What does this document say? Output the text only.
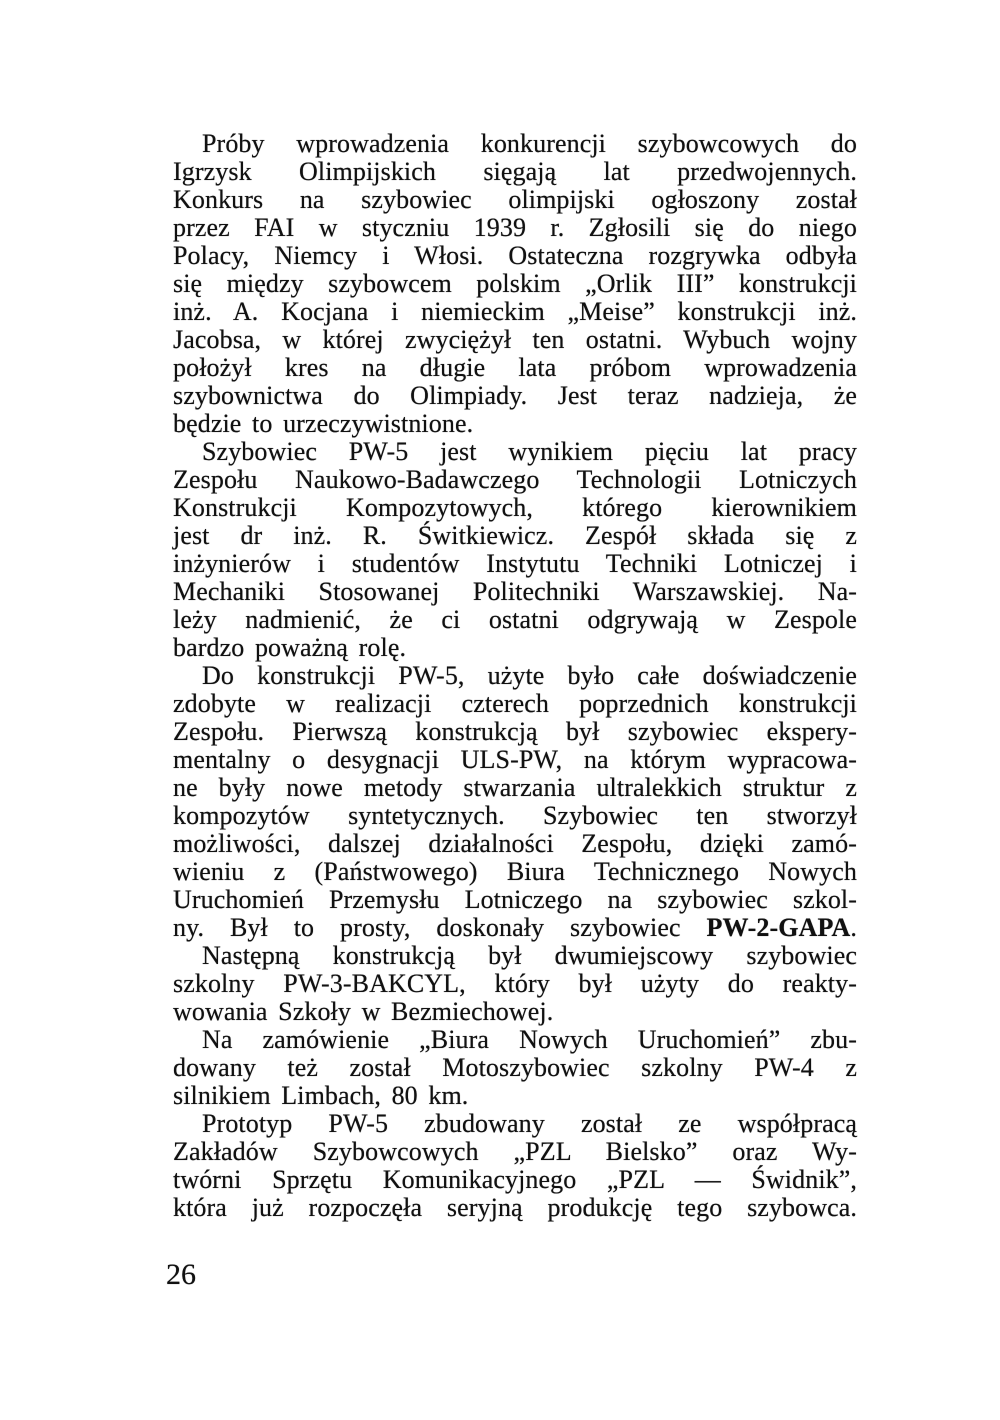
Próby wprowadzenia konkurencji szybowcowych do
Igrzysk Olimpijskich sięgają lat przedwojennych.
Konkurs na szybowiec olimpijski ogłoszony został
przez FAI w styczniu 1939 r. Zgłosili się do niego
Polacy, Niemcy i Włosi. Ostateczna rozgrywka odbyła
się między szybowcem polskim „Orlik III” konstrukcji
inż. A. Kocjana i niemieckim „Meise” konstrukcji inż.
Jacobsa, w której zwyciężył ten ostatni. Wybuch wojny
położył kres na długie lata próbom wprowadzenia
szybownictwa do Olimpiady. Jest teraz nadzieja, że
będzie to urzeczywistnione.
Szybowiec PW-5 jest wynikiem pięciu lat pracy
Zespołu Naukowo-Badawczego Technologii Lotniczych
Konstrukcji Kompozytowych, którego kierownikiem
jest dr inż. R. Świtkiewicz. Zespół składa się z
inżynierów i studentów Instytutu Techniki Lotniczej i
Mechaniki Stosowanej Politechniki Warszawskiej. Na-
leży nadmienić, że ci ostatni odgrywają w Zespole
bardzo poważną rolę.
Do konstrukcji PW-5, użyte było całe doświadczenie
zdobyte w realizacji czterech poprzednich konstrukcji
Zespołu. Pierwszą konstrukcją był szybowiec ekspery-
mentalny o desygnacji ULS-PW, na którym wypracowa-
ne były nowe metody stwarzania ultralekkich struktur z
kompozytów syntetycznych. Szybowiec ten stworzył
możliwości, dalszej działalności Zespołu, dzięki zamó-
wieniu z (Państwowego) Biura Technicznego Nowych
Uruchomień Przemysłu Lotniczego na szybowiec szkol-
ny. Był to prosty, doskonały szybowiec PW-2-GAPA.
Następną konstrukcją był dwumiejscowy szybowiec
szkolny PW-3-BAKCYL, który był użyty do reakty-
wowania Szkoły w Bezmiechowej.
Na zamówienie „Biura Nowych Uruchomień” zbu-
dowany też został Motoszybowiec szkolny PW-4 z
silnikiem Limbach, 80 km.
Prototyp PW-5 zbudowany został ze współpracą
Zakładów Szybowcowych „PZL Bielsko” oraz Wy-
twórni Sprzętu Komunikacyjnego „PZL — Świdnik”,
która już rozpoczęła seryjną produkcję tego szybowca.
26
